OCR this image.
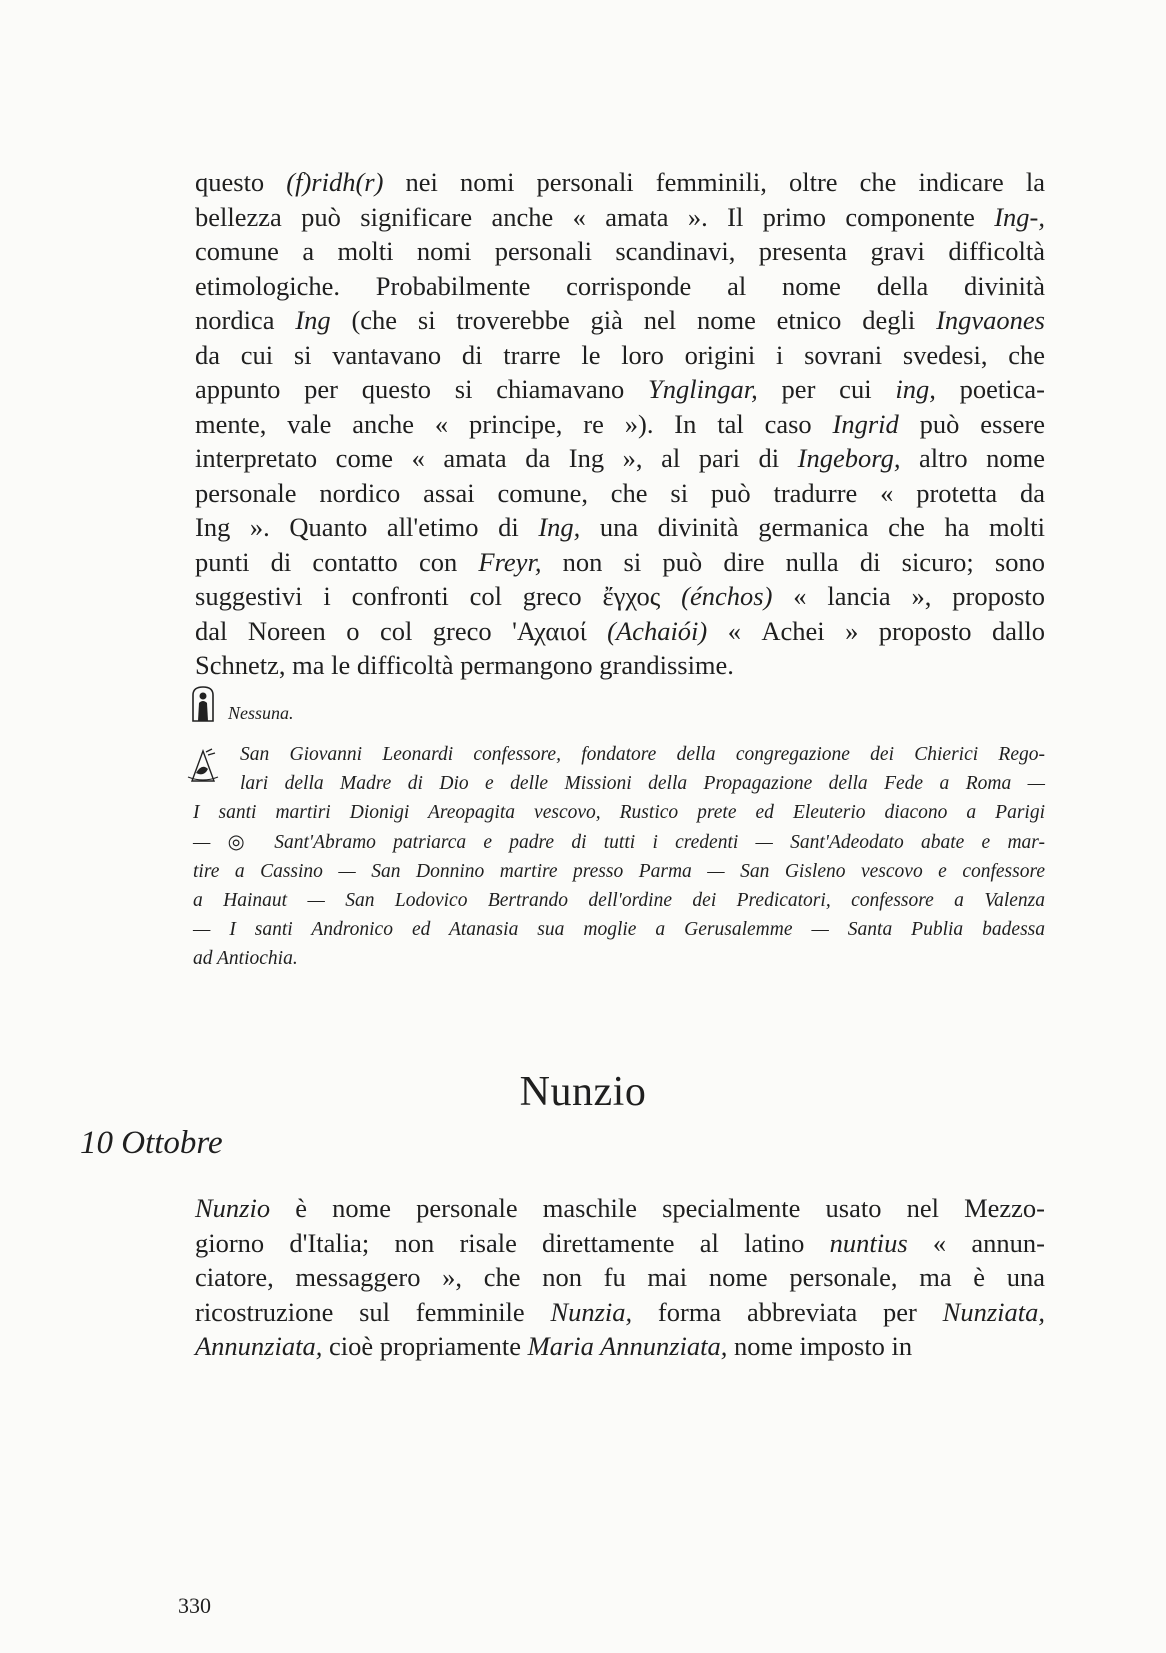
questo (f)ridh(r) nei nomi personali femminili, oltre che indicare la
bellezza può significare anche « amata ». Il primo componente Ing-,
comune a molti nomi personali scandinavi, presenta gravi difficoltà
etimologiche. Probabilmente corrisponde al nome della divinità
nordica Ing (che si troverebbe già nel nome etnico degli Ingvaones
da cui si vantavano di trarre le loro origini i sovrani svedesi, che
appunto per questo si chiamavano Ynglingar, per cui ing, poetica-
mente, vale anche « principe, re »). In tal caso Ingrid può essere
interpretato come « amata da Ing », al pari di Ingeborg, altro nome
personale nordico assai comune, che si può tradurre « protetta da
Ing ». Quanto all'etimo di Ing, una divinità germanica che ha molti
punti di contatto con Freyr, non si può dire nulla di sicuro; sono
suggestivi i confronti col greco ἔγχος (énchos) « lancia », proposto
dal Noreen o col greco 'Αχαιοί (Achaiói) « Achei » proposto dallo
Schnetz, ma le difficoltà permangono grandissime.
Nessuna.
San Giovanni Leonardi confessore, fondatore della congregazione dei Chierici Rego-
lari della Madre di Dio e delle Missioni della Propagazione della Fede a Roma —
I santi martiri Dionigi Areopagita vescovo, Rustico prete ed Eleuterio diacono a Parigi
— ◎ Sant'Abramo patriarca e padre di tutti i credenti — Sant'Adeodato abate e mar-
tire a Cassino — San Donnino martire presso Parma — San Gisleno vescovo e confessore
a Hainaut — San Lodovico Bertrando dell'ordine dei Predicatori, confessore a Valenza
— I santi Andronico ed Atanasia sua moglie a Gerusalemme — Santa Publia badessa
ad Antiochia.
Nunzio
10 Ottobre
Nunzio è nome personale maschile specialmente usato nel Mezzo-
giorno d'Italia; non risale direttamente al latino nuntius « annun-
ciatore, messaggero », che non fu mai nome personale, ma è una
ricostruzione sul femminile Nunzia, forma abbreviata per Nunziata,
Annunziata, cioè propriamente Maria Annunziata, nome imposto in
330
